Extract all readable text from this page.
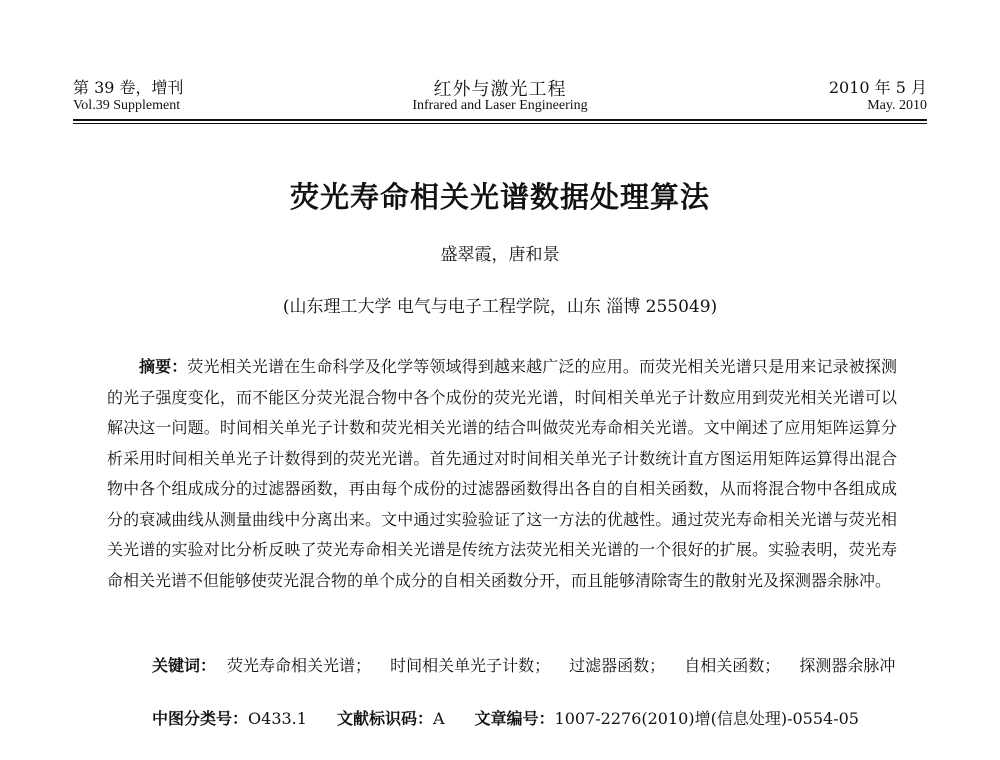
第 39 卷，增刊	红外与激光工程	2010 年 5 月
Vol.39 Supplement	Infrared and Laser Engineering	May. 2010
荧光寿命相关光谱数据处理算法
盛翠霞，唐和景
(山东理工大学 电气与电子工程学院，山东 淄博 255049)

摘要：荧光相关光谱在生命科学及化学等领域得到越来越广泛的应用。而荧光相关光谱只是用来记录被探测的光子强度变化，而不能区分荧光混合物中各个成份的荧光光谱，时间相关单光子计数应用到荧光相关光谱可以解决这一问题。时间相关单光子计数和荧光相关光谱的结合叫做荧光寿命相关光谱。文中阐述了应用矩阵运算分析采用时间相关单光子计数得到的荧光光谱。首先通过对时间相关单光子计数统计直方图运用矩阵运算得出混合物中各个组成成分的过滤器函数，再由每个成份的过滤器函数得出各自的自相关函数，从而将混合物中各组成成分的衰减曲线从测量曲线中分离出来。文中通过实验验证了这一方法的优越性。通过荧光寿命相关光谱与荧光相关光谱的实验对比分析反映了荧光寿命相关光谱是传统方法荧光相关光谱的一个很好的扩展。实验表明，荧光寿命相关光谱不但能够使荧光混合物的单个成分的自相关函数分开，而且能够清除寄生的散射光及探测器余脉冲。

关键词： 荧光寿命相关光谱； 时间相关单光子计数； 过滤器函数； 自相关函数； 探测器余脉冲
中图分类号：O433.1 文献标识码：A 文章编号：1007-2276(2010)增(信息处理)-0554-05
